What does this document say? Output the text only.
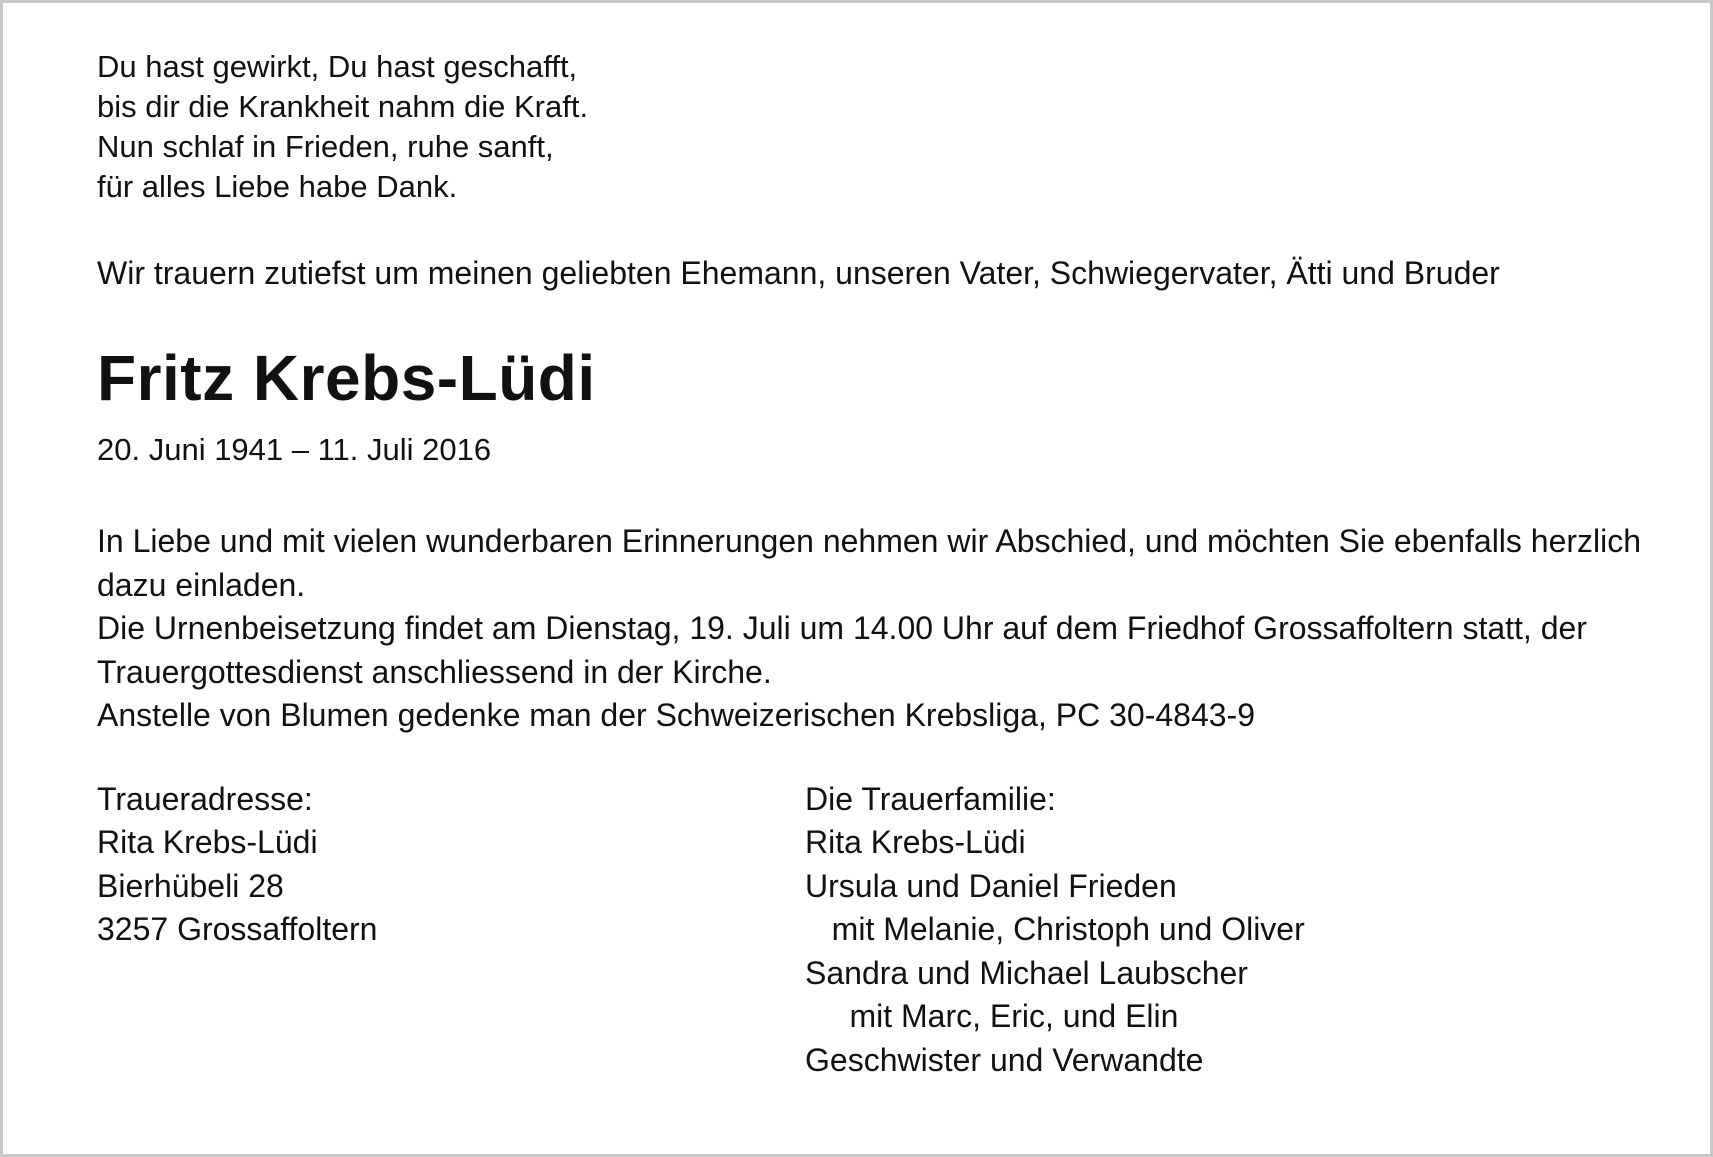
Du hast gewirkt, Du hast geschafft,
bis dir die Krankheit nahm die Kraft.
Nun schlaf in Frieden, ruhe sanft,
für alles Liebe habe Dank.
Wir trauern zutiefst um meinen geliebten Ehemann, unseren Vater, Schwiegervater, Ätti und Bruder
Fritz Krebs-Lüdi
20. Juni 1941 – 11. Juli 2016
In Liebe und mit vielen wunderbaren Erinnerungen nehmen wir Abschied, und möchten Sie ebenfalls herzlich dazu einladen.
Die Urnenbeisetzung findet am Dienstag, 19. Juli um 14.00 Uhr auf dem Friedhof Grossaffoltern statt, der Trauergottesdienst anschliessend in der Kirche.
Anstelle von Blumen gedenke man der Schweizerischen Krebsliga, PC 30-4843-9
Traueradresse:
Rita Krebs-Lüdi
Bierhübeli 28
3257 Grossaffoltern
Die Trauerfamilie:
Rita Krebs-Lüdi
Ursula und Daniel Frieden
mit Melanie, Christoph und Oliver
Sandra und Michael Laubscher
mit Marc, Eric, und Elin
Geschwister und Verwandte
